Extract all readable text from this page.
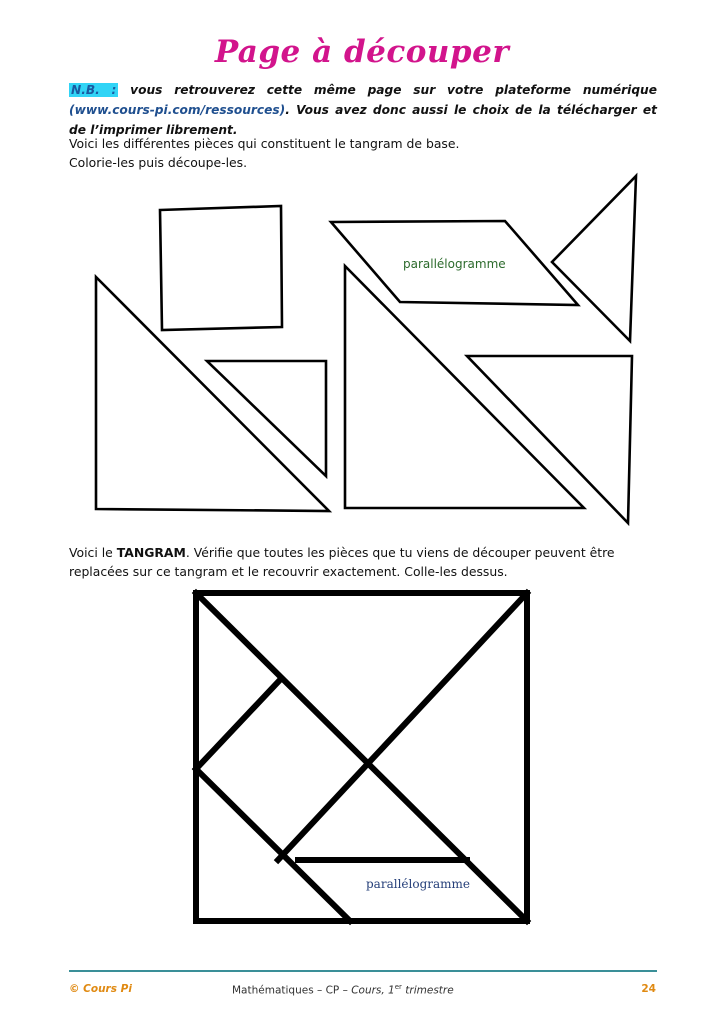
Page à découper
N.B. : vous retrouverez cette même page sur votre plateforme numérique (www.cours-pi.com/ressources). Vous avez donc aussi le choix de la télécharger et de l’imprimer librement.

Voici les différentes pièces qui constituent le tangram de base.

Colorie-les puis découpe-les.

parallélogramme
Voici le TANGRAM. Vérifie que toutes les pièces que tu viens de découper peuvent être replacées sur ce tangram et le recouvrir exactement. Colle-les dessus.
parallélogramme
© Cours Pi	Mathématiques – CP – Cours, 1er trimestre	24
